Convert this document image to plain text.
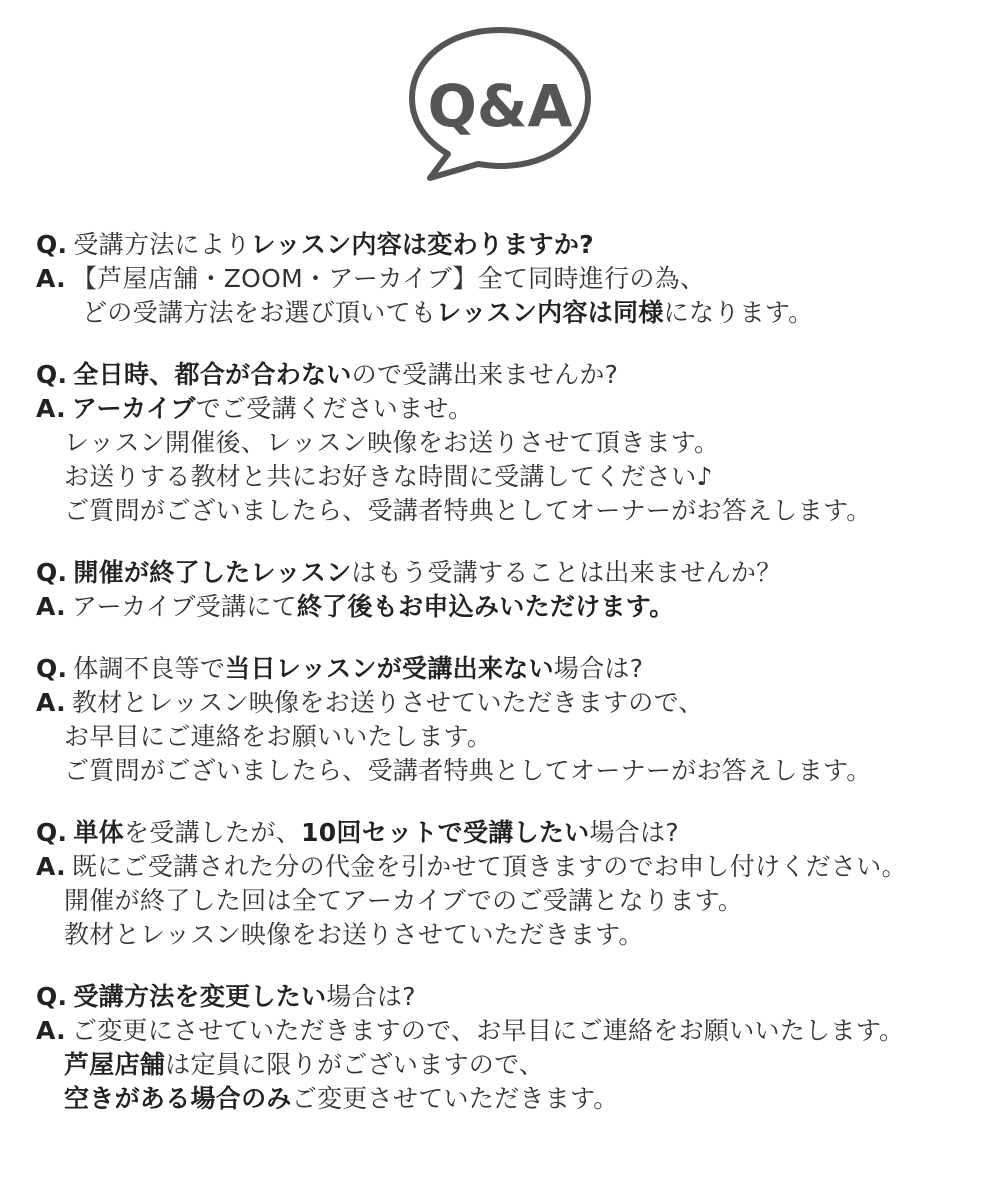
Q&A
Q. 受講方法によりレッスン内容は変わりますか?
A. 【芦屋店舗・ZOOM・アーカイブ】全て同時進行の為、
どの受講方法をお選び頂いてもレッスン内容は同様になります。
Q. 全日時、都合が合わないので受講出来ませんか?
A. アーカイブでご受講くださいませ。
レッスン開催後、レッスン映像をお送りさせて頂きます。
お送りする教材と共にお好きな時間に受講してください♪
ご質問がございましたら、受講者特典としてオーナーがお答えします。
Q. 開催が終了したレッスンはもう受講することは出来ませんか？
A. アーカイブ受講にて終了後もお申込みいただけます。
Q. 体調不良等で当日レッスンが受講出来ない場合は?
A. 教材とレッスン映像をお送りさせていただきますので、
お早目にご連絡をお願いいたします。
ご質問がございましたら、受講者特典としてオーナーがお答えします。
Q. 単体を受講したが、10回セットで受講したい場合は?
A. 既にご受講された分の代金を引かせて頂きますのでお申し付けください。
開催が終了した回は全てアーカイブでのご受講となります。
教材とレッスン映像をお送りさせていただきます。
Q. 受講方法を変更したい場合は?
A. ご変更にさせていただきますので、お早目にご連絡をお願いいたします。
芦屋店舗は定員に限りがございますので、
空きがある場合のみご変更させていただきます。
